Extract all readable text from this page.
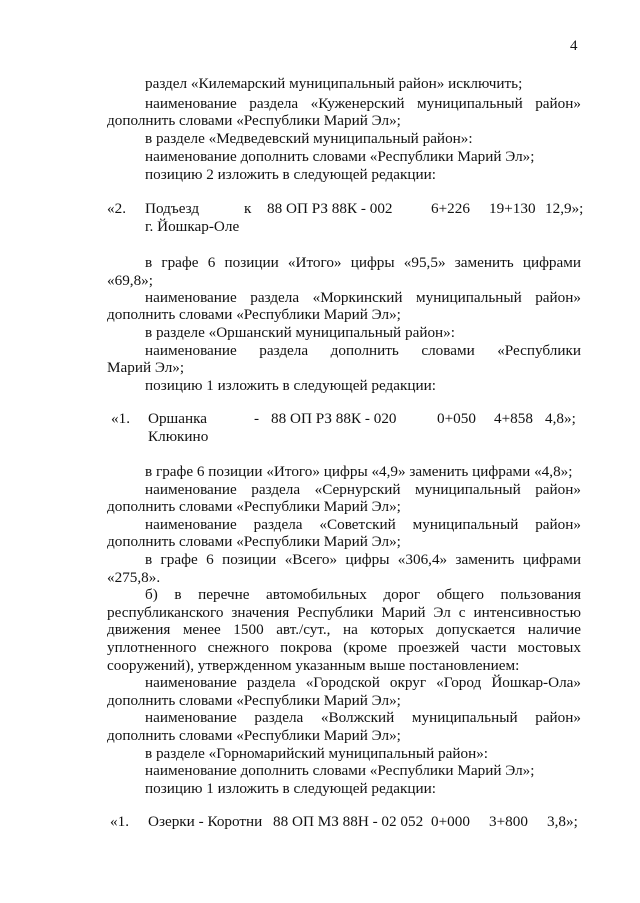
4
раздел «Килемарский муниципальный район» исключить;
наименование раздела «Куженерский муниципальный район»
дополнить словами «Республики Марий Эл»;
в разделе «Медведевский муниципальный район»:
наименование дополнить словами «Республики Марий Эл»;
позицию 2 изложить в следующей редакции:
«2. Подъезд	к 88 ОП РЗ 88К - 002	6+226 19+130 12,9»;
г. Йошкар-Оле
в графе 6 позиции «Итого» цифры «95,5» заменить цифрами
«69,8»;
наименование раздела «Моркинский муниципальный район»
дополнить словами «Республики Марий Эл»;
в разделе «Оршанский муниципальный район»:
наименование раздела дополнить словами «Республики
Марий Эл»;
позицию 1 изложить в следующей редакции:
«1. Оршанка	- 88 ОП РЗ 88К - 020	0+050 4+858 4,8»;
Клюкино
в графе 6 позиции «Итого» цифры «4,9» заменить цифрами «4,8»;
наименование раздела «Сернурский муниципальный район»
дополнить словами «Республики Марий Эл»;
наименование раздела «Советский муниципальный район»
дополнить словами «Республики Марий Эл»;
в графе 6 позиции «Всего» цифры «306,4» заменить цифрами
«275,8».
б) в перечне автомобильных дорог общего пользования
республиканского значения Республики Марий Эл с интенсивностью
движения менее 1500 авт./сут., на которых допускается наличие
уплотненного снежного покрова (кроме проезжей части мостовых
сооружений), утвержденном указанным выше постановлением:
наименование раздела «Городской округ «Город Йошкар-Ола»
дополнить словами «Республики Марий Эл»;
наименование раздела «Волжский муниципальный район»
дополнить словами «Республики Марий Эл»;
в разделе «Горномарийский муниципальный район»:
наименование дополнить словами «Республики Марий Эл»;
позицию 1 изложить в следующей редакции:
«1. Озерки - Коротни 88 ОП МЗ 88Н - 02 052 0+000 3+800 3,8»;
